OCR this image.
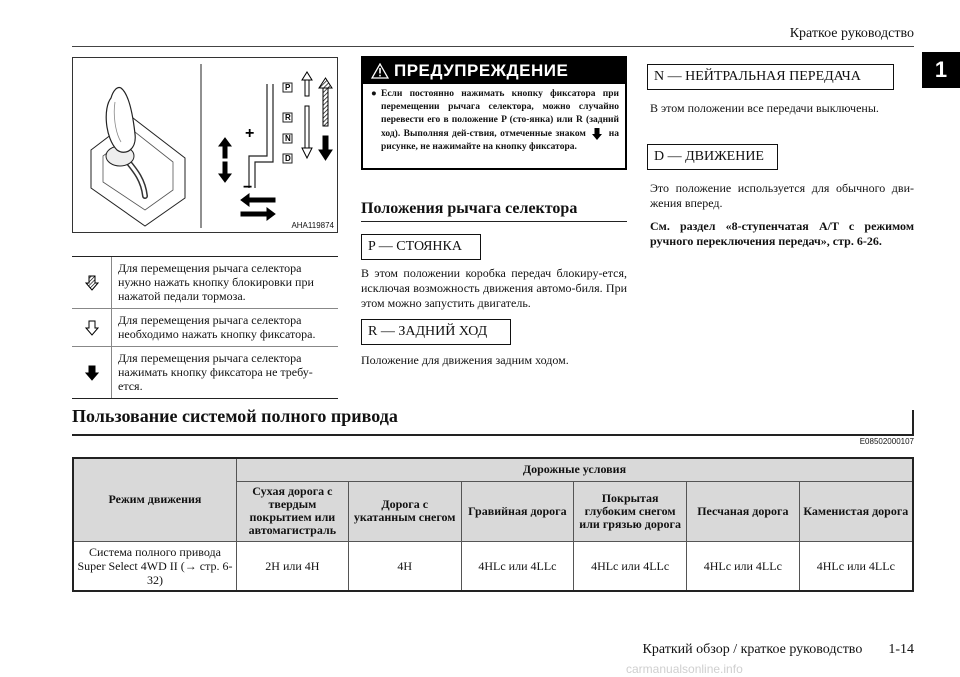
Краткое руководство
1
+
−
P
R
N
D
AHA119874
Для перемещения рычага селектора нужно нажать кнопку блокировки при нажатой педали тормоза.
Для перемещения рычага селектора необходимо нажать кнопку фиксатора.
Для перемещения рычага селектора нажимать кнопку фиксатора не требу-ется.
ПРЕДУПРЕЖДЕНИЕ
● Если постоянно нажимать кнопку фиксатора при перемещении рычага селектора, можно случайно перевести его в положение P (сто-янка) или R (задний ход). Выполняя дей-ствия, отмеченные знаком на рисунке, не нажимайте на кнопку фиксатора.
Положения рычага селектора
P — СТОЯНКА
В этом положении коробка передач блокиру-ется, исключая возможность движения автомо-биля. При этом можно запустить двигатель.
R — ЗАДНИЙ ХОД
Положение для движения задним ходом.
N — НЕЙТРАЛЬНАЯ ПЕРЕДАЧА
В этом положении все передачи выключены.
D — ДВИЖЕНИЕ
Это положение используется для обычного дви-жения вперед.
См. раздел «8-ступенчатая A/T с режимом ручного переключения передач», стр. 6-26.
Пользование системой полного привода
E08502000107
Режим движения	Дорожные условия					
	Сухая дорога с твердым покрытием или автомагистраль	Дорога с укатанным снегом	Гравийная дорога	Покрытая глубоким снегом или грязью дорога	Песчаная дорога	Каменистая дорога
Система полного привода Super Select 4WD II (→ стр. 6-32)	2H или 4H	4H	4HLc или 4LLc	4HLc или 4LLc	4HLc или 4LLc	4HLc или 4LLc
Краткий обзор / краткое руководство 1-14
carmanualsonline.info
